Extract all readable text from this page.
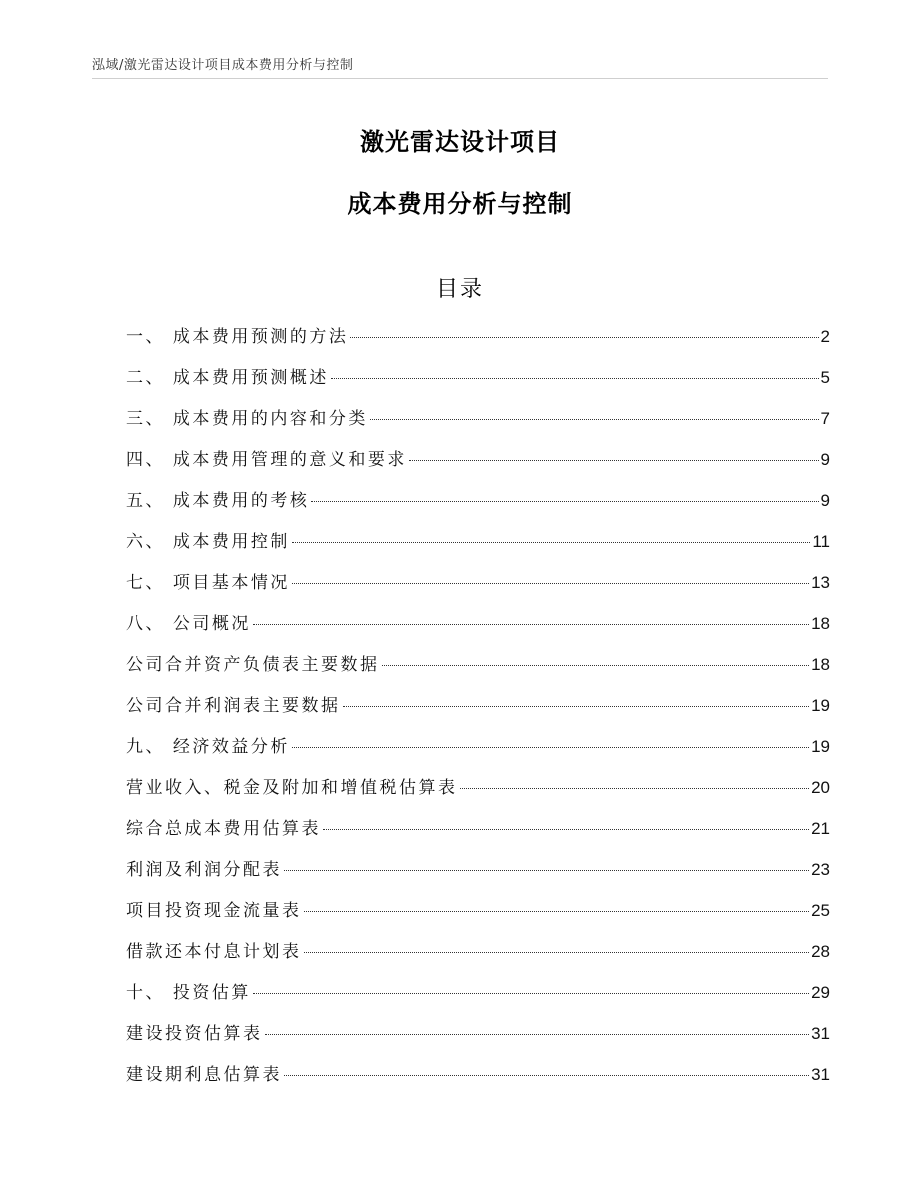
泓域/激光雷达设计项目成本费用分析与控制
激光雷达设计项目
成本费用分析与控制
目录
一、 成本费用预测的方法	2
二、 成本费用预测概述	5
三、 成本费用的内容和分类	7
四、 成本费用管理的意义和要求	9
五、 成本费用的考核	9
六、 成本费用控制	11
七、 项目基本情况	13
八、 公司概况	18
公司合并资产负债表主要数据	18
公司合并利润表主要数据	19
九、 经济效益分析	19
营业收入、税金及附加和增值税估算表	20
综合总成本费用估算表	21
利润及利润分配表	23
项目投资现金流量表	25
借款还本付息计划表	28
十、 投资估算	29
建设投资估算表	31
建设期利息估算表	31
